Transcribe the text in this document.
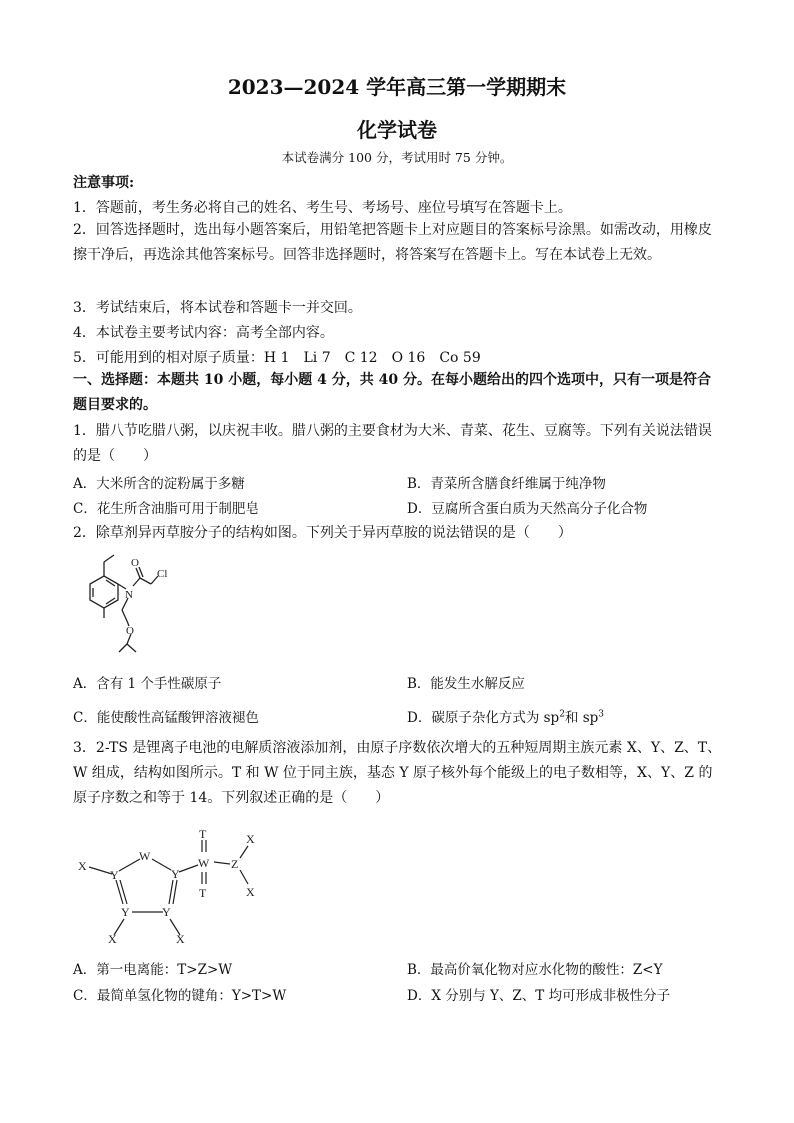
2023—2024 学年高三第一学期期末
化学试卷
本试卷满分 100 分，考试用时 75 分钟。
注意事项:
1．答题前，考生务必将自己的姓名、考生号、考场号、座位号填写在答题卡上。
2．回答选择题时，选出每小题答案后，用铅笔把答题卡上对应题目的答案标号涂黑。如需改动，用橡皮擦干净后，再选涂其他答案标号。回答非选择题时，将答案写在答题卡上。写在本试卷上无效。
3．考试结束后，将本试卷和答题卡一并交回。
4．本试卷主要考试内容：高考全部内容。
5．可能用到的相对原子质量：H 1　Li 7　C 12　O 16　Co 59
一、选择题：本题共 10 小题，每小题 4 分，共 40 分。在每小题给出的四个选项中，只有一项是符合题目要求的。
1．腊八节吃腊八粥，以庆祝丰收。腊八粥的主要食材为大米、青菜、花生、豆腐等。下列有关说法错误的是（　　）
A．大米所含的淀粉属于多糖	B．青菜所含膳食纤维属于纯净物
C．花生所含油脂可用于制肥皂	D．豆腐所含蛋白质为天然高分子化合物
2．除草剂异丙草胺分子的结构如图。下列关于异丙草胺的说法错误的是（　　）
N
O
Cl
O
A．含有 1 个手性碳原子	B．能发生水解反应
C．能使酸性高锰酸钾溶液褪色	D．碳原子杂化方式为 $sp^2$和 $sp^3$
3．2-TS 是锂离子电池的电解质溶液添加剂，由原子序数依次增大的五种短周期主族元素 X、Y、Z、T、W 组成，结构如图所示。T 和 W 位于同主族，基态 Y 原子核外每个能级上的电子数相等，X、Y、Z 的原子序数之和等于 14。下列叙述正确的是（　　）
X
Y
W
Y
Y	Y
X	X
T
W
T
Z
X
X
A．第一电离能：T>Z>W	B．最高价氧化物对应水化物的酸性：Z<Y
C．最简单氢化物的键角：Y>T>W	D．X 分别与 Y、Z、T 均可形成非极性分子
